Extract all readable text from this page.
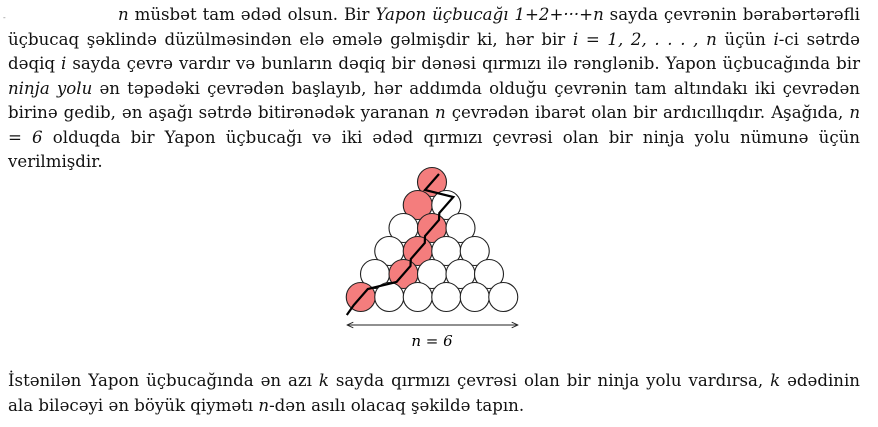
-	n müsbət tam ədəd olsun. Bir Yapon üçbucağı 1+2+···+n sayda çevrənin bərabərtərəfli üçbucaq şəklində düzülməsindən elə əmələ gəlmişdir ki, hər bir i = 1, 2, . . . , n üçün i-ci sətrdə dəqiq i sayda çevrə vardır və bunların dəqiq bir dənəsi qırmızı ilə rənglənib. Yapon üçbucağında bir ninja yolu ən təpədəki çevrədən başlayıb, hər addımda olduğu çevrənin tam altındakı iki çevrədən birinə gedib, ən aşağı sətrdə bitirənədək yaranan n çevrədən ibarət olan bir ardıcıllıqdır. Aşağıda, n = 6 olduqda bir Yapon üçbucağı və iki ədəd qırmızı çevrəsi olan bir ninja yolu nümunə üçün verilmişdir.
n = 6
İstənilən Yapon üçbucağında ən azı k sayda qırmızı çevrəsi olan bir ninja yolu vardırsa, k ədədinin ala biləcəyi ən böyük qiymətı n-dən asılı olacaq şəkildə tapın.
